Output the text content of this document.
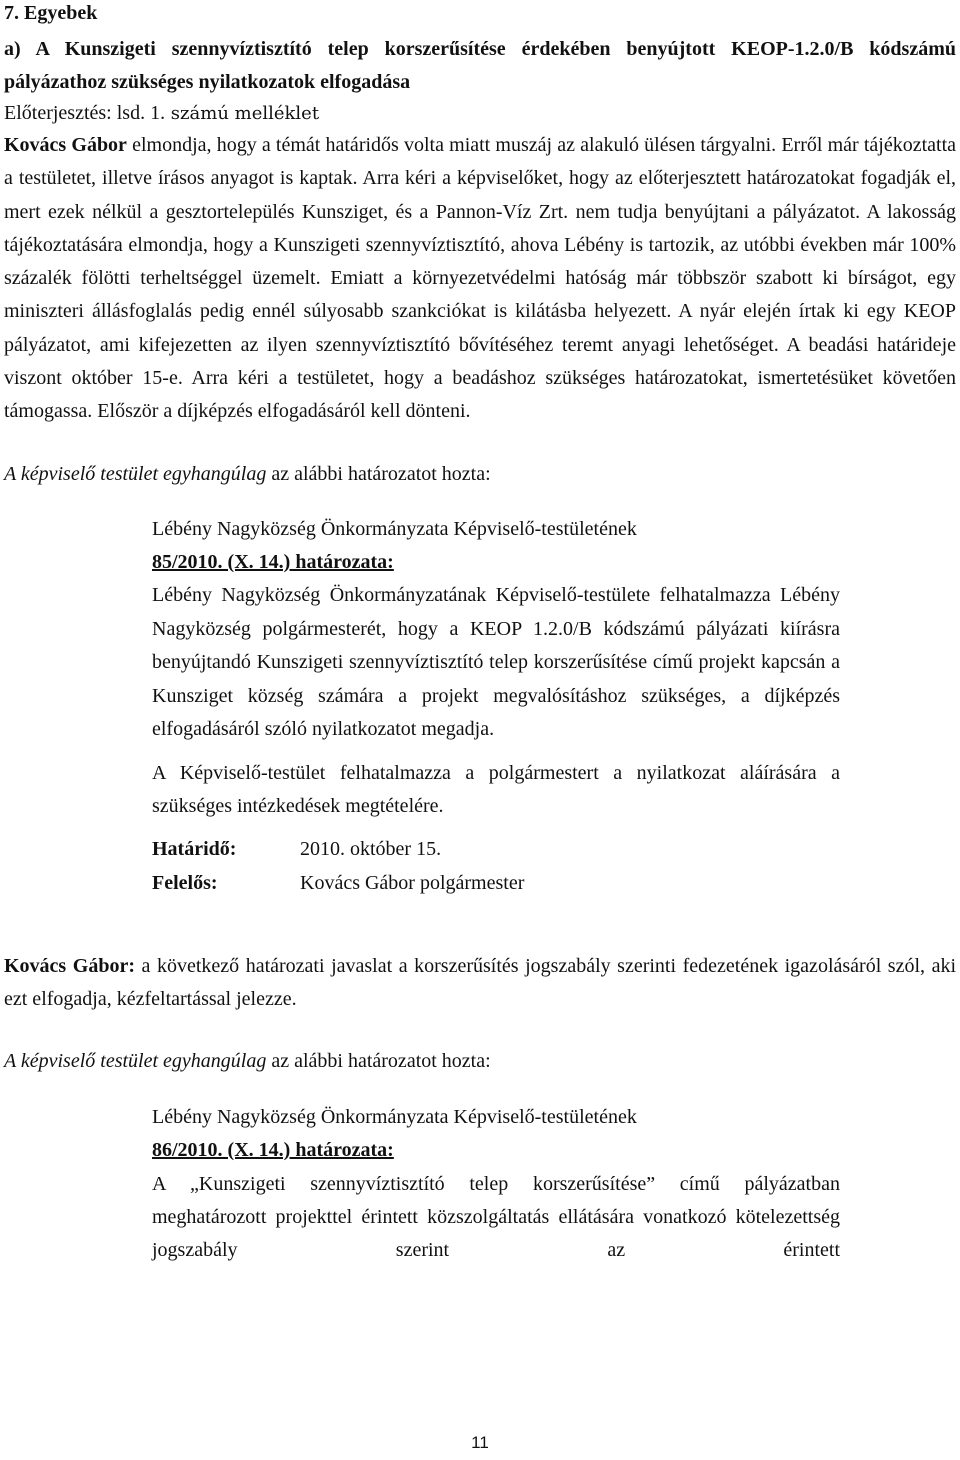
7. Egyebek

a) A Kunszigeti szennyvíztisztító telep korszerűsítése érdekében benyújtott KEOP-1.2.0/B kódszámú pályázathoz szükséges nyilatkozatok elfogadása

Előterjesztés: lsd. 1. számú melléklet

Kovács Gábor elmondja, hogy a témát határidős volta miatt muszáj az alakuló ülésen tárgyalni. Erről már tájékoztatta a testületet, illetve írásos anyagot is kaptak. Arra kéri a képviselőket, hogy az előterjesztett határozatokat fogadják el, mert ezek nélkül a gesztortelepülés Kunsziget, és a Pannon-Víz Zrt. nem tudja benyújtani a pályázatot. A lakosság tájékoztatására elmondja, hogy a Kunszigeti szennyvíztisztító, ahova Lébény is tartozik, az utóbbi években már 100% százalék fölötti terheltséggel üzemelt. Emiatt a környezetvédelmi hatóság már többször szabott ki bírságot, egy miniszteri állásfoglalás pedig ennél súlyosabb szankciókat is kilátásba helyezett. A nyár elején írtak ki egy KEOP pályázatot, ami kifejezetten az ilyen szennyvíztisztító bővítéséhez teremt anyagi lehetőséget. A beadási határideje viszont október 15-e. Arra kéri a testületet, hogy a beadáshoz szükséges határozatokat, ismertetésüket követően támogassa. Először a díjképzés elfogadásáról kell dönteni.

A képviselő testület egyhangúlag az alábbi határozatot hozta:

Lébény Nagyközség Önkormányzata Képviselő-testületének

85/2010. (X. 14.) határozata:

Lébény Nagyközség Önkormányzatának Képviselő-testülete felhatalmazza Lébény Nagyközség polgármesterét, hogy a KEOP 1.2.0/B kódszámú pályázati kiírásra benyújtandó Kunszigeti szennyvíztisztító telep korszerűsítése című projekt kapcsán a Kunsziget község számára a projekt megvalósításhoz szükséges, a díjképzés elfogadásáról szóló nyilatkozatot megadja.

A Képviselő-testület felhatalmazza a polgármestert a nyilatkozat aláírására a szükséges intézkedések megtételére.

Határidő:	2010. október 15.
Felelős:	Kovács Gábor polgármester

Kovács Gábor: a következő határozati javaslat a korszerűsítés jogszabály szerinti fedezetének igazolásáról szól, aki ezt elfogadja, kézfeltartással jelezze.

A képviselő testület egyhangúlag az alábbi határozatot hozta:

Lébény Nagyközség Önkormányzata Képviselő-testületének

86/2010. (X. 14.) határozata:

A „Kunszigeti szennyvíztisztító telep korszerűsítése” című pályázatban meghatározott projekttel érintett közszolgáltatás ellátására vonatkozó kötelezettség jogszabály szerint az érintett

11
